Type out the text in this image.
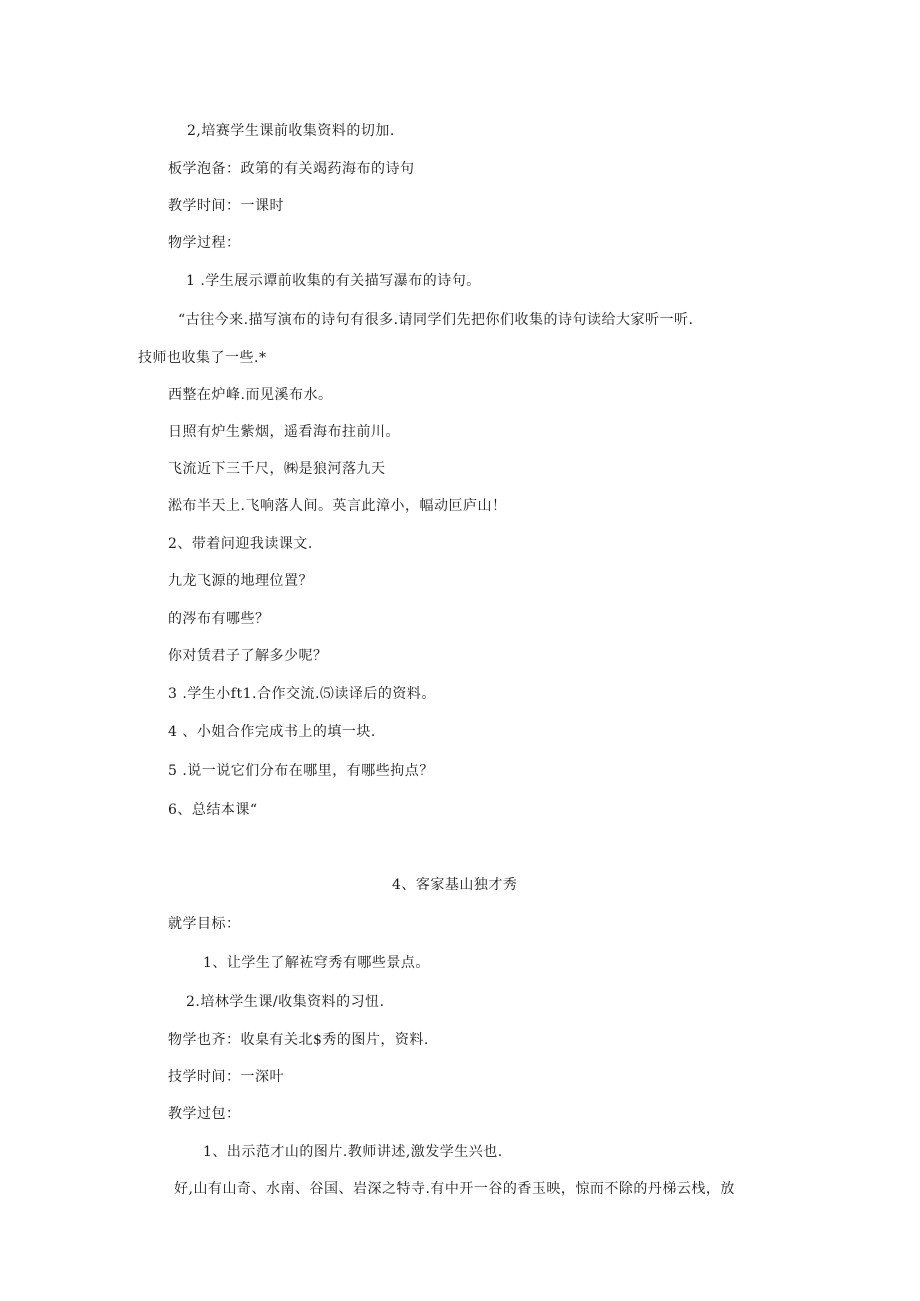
2,培赛学生课前收集资料的切加.
板学泡备：政第的有关竭药海布的诗句
教学时间：一课时
物学过程：
1 .学生展示谭前收集的有关描写瀑布的诗句。
“古往今来.描写演布的诗句有很多.请同学们先把你们收集的诗句读给大家听一听.
技师也收集了一些.*
西整在炉峰.而见溪布水。
日照有炉生紫烟，遥看海布拄前川。
飞流近下三千尺，㈱是狼河落九天
淞布半天上.飞响落人间。英言此漳小，幅动叵庐山！
2、带着问迎我读课文.
九龙飞源的地理位置？
的涔布有哪些？
你对赁君子了解多少呢？
3 .学生小ft1.合作交流.⑸读译后的资料。
4 、小姐合作完成书上的填一块.
5 .说一说它们分布在哪里，有哪些拘点？
6、总结本课“
4、客家基山独才秀
就学目标：
1、让学生了解袏穹秀有哪些景点。
2.培林学生课/收集资料的习忸.
物学也齐：收臬有关北$秀的图片，资料.
技学时间：一深叶
教学过包：
1、出示范才山的图片.教师讲述,激发学生兴也.
好,山有山奇、水南、谷国、岩深之特寺.有中开一谷的香玉映，惊而不除的丹梯云栈，放
